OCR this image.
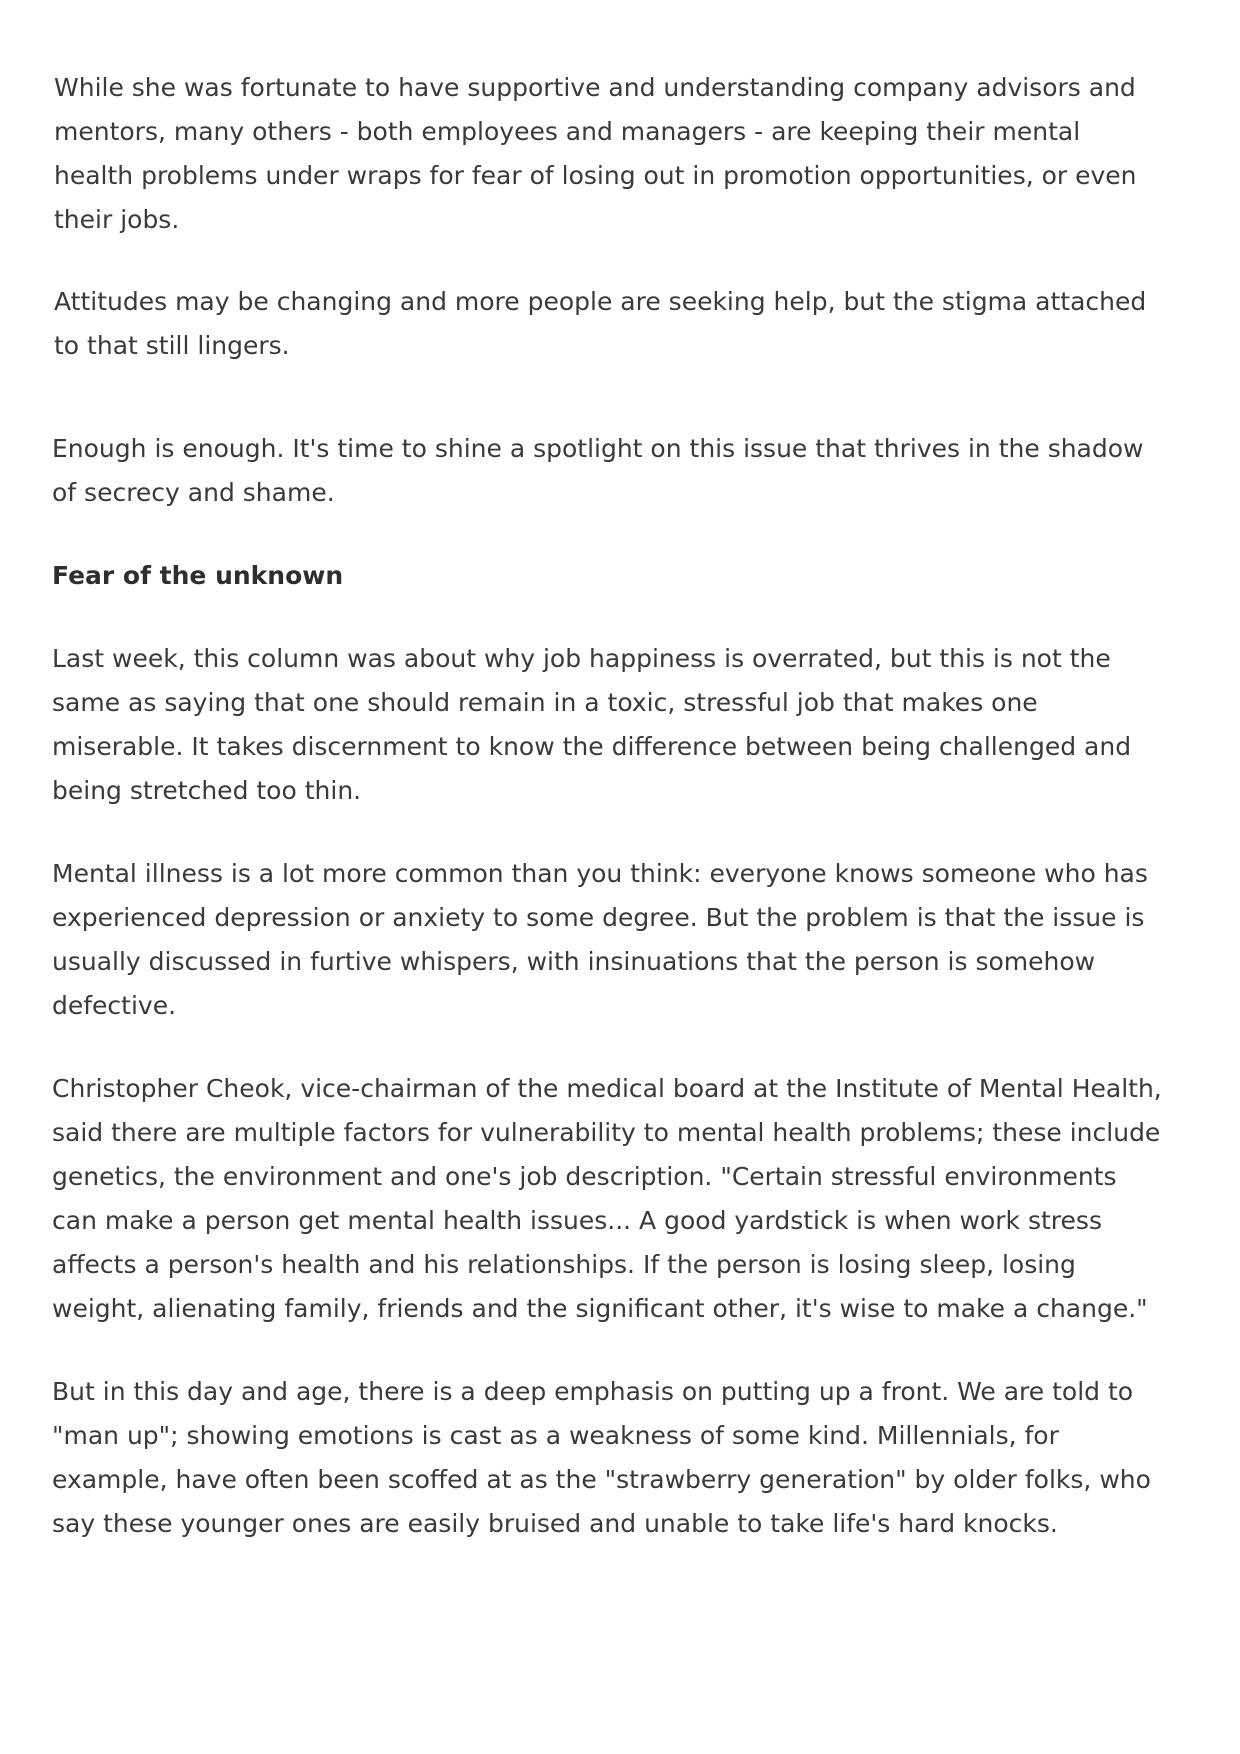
While she was fortunate to have supportive and understanding company advisors and mentors, many others - both employees and managers - are keeping their mental health problems under wraps for fear of losing out in promotion opportunities, or even their jobs.

Attitudes may be changing and more people are seeking help, but the stigma attached to that still lingers.

Enough is enough. It's time to shine a spotlight on this issue that thrives in the shadow of secrecy and shame.

Fear of the unknown

Last week, this column was about why job happiness is overrated, but this is not the same as saying that one should remain in a toxic, stressful job that makes one miserable. It takes discernment to know the difference between being challenged and being stretched too thin.

Mental illness is a lot more common than you think: everyone knows someone who has experienced depression or anxiety to some degree. But the problem is that the issue is usually discussed in furtive whispers, with insinuations that the person is somehow defective.

Christopher Cheok, vice-chairman of the medical board at the Institute of Mental Health, said there are multiple factors for vulnerability to mental health problems; these include genetics, the environment and one's job description. "Certain stressful environments can make a person get mental health issues... A good yardstick is when work stress affects a person's health and his relationships. If the person is losing sleep, losing weight, alienating family, friends and the significant other, it's wise to make a change."

But in this day and age, there is a deep emphasis on putting up a front. We are told to "man up"; showing emotions is cast as a weakness of some kind. Millennials, for example, have often been scoffed at as the "strawberry generation" by older folks, who say these younger ones are easily bruised and unable to take life's hard knocks.
